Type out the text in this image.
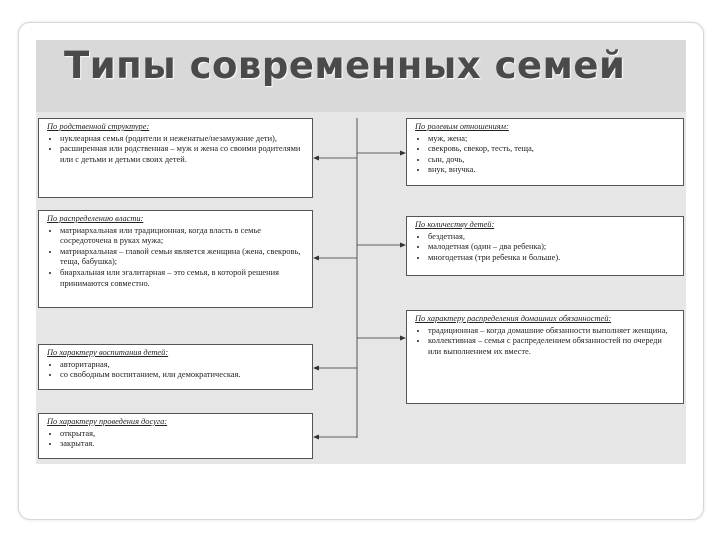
Типы современных семей

По родственной структуре:

• нуклеарная семья (родители и неженатые/незамужние дети),
• расширенная или родственная – муж и жена со своими родителями или с детьми и детьми своих детей.

По распределению власти:

• матриархальная или традиционная, когда власть в семье сосредоточена в руках мужа;
• матриархальная – главой семьи является женщина (жена, свекровь, теща, бабушка);
• биархальная или эгалитарная – это семья, в которой решения принимаются совместно.

По характеру воспитания детей:

• авторитарная,
• со свободным воспитанием, или демократическая.

По характеру проведения досуга:

• открытая,
• закрытая.

По ролевым отношениям:

• муж, жена;
• свекровь, свекор, тесть, теща,
• сын, дочь,
• внук, внучка.

По количеству детей:

• бездетная,
• малодетная (один – два ребенка);
• многодетная (три ребенка и больше).

По характеру распределения домашних обязанностей:

• традиционная – когда домашние обязанности выполняет женщина,
• коллективная – семья с распределением обязанностей по очереди или выполнением их вместе.
